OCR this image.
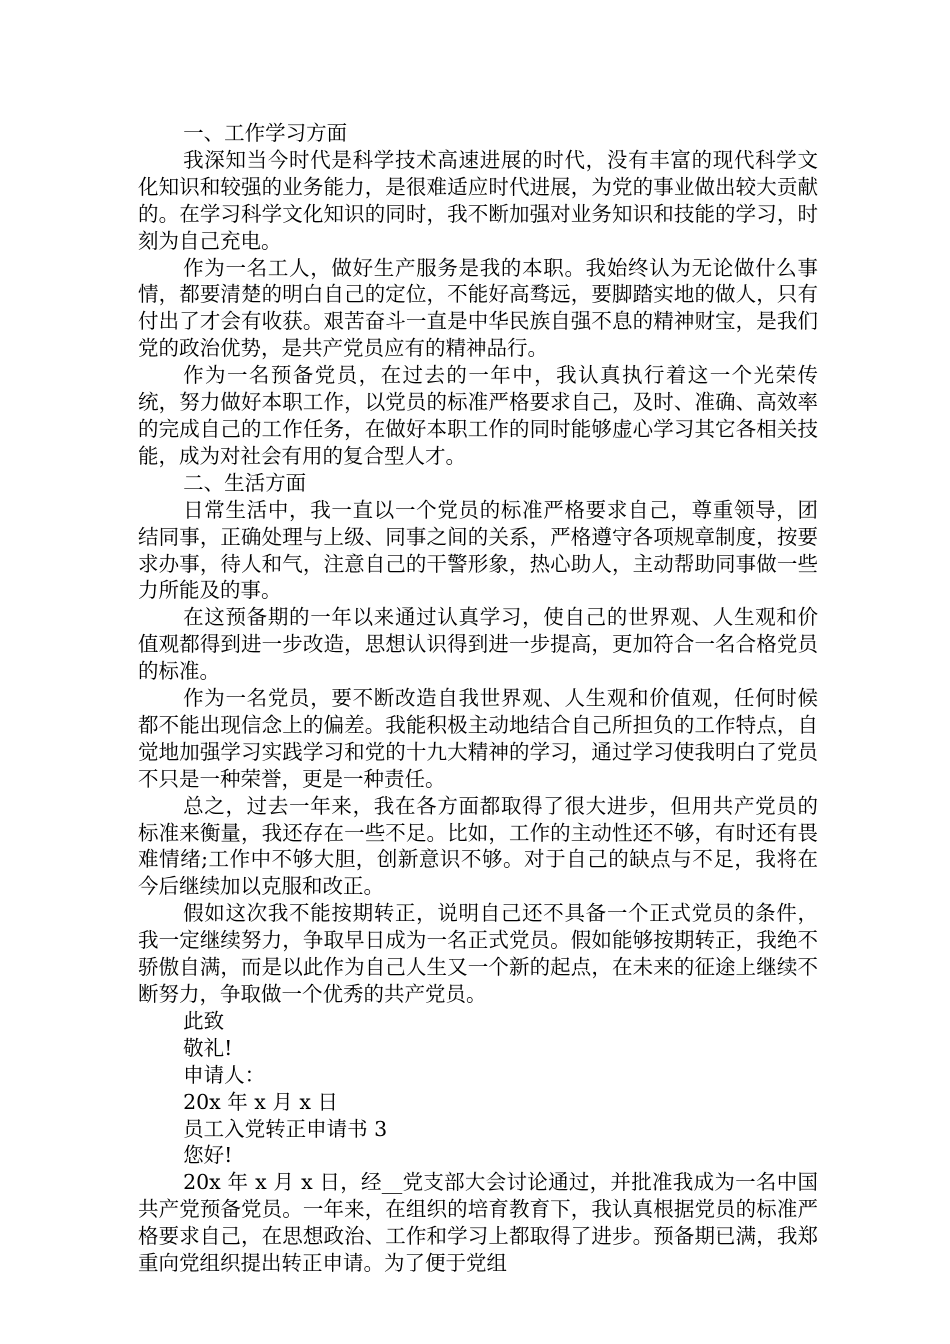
一、工作学习方面

我深知当今时代是科学技术高速进展的时代，没有丰富的现代科学文化知识和较强的业务能力，是很难适应时代进展，为党的事业做出较大贡献的。在学习科学文化知识的同时，我不断加强对业务知识和技能的学习，时刻为自己充电。

作为一名工人，做好生产服务是我的本职。我始终认为无论做什么事情，都要清楚的明白自己的定位，不能好高骛远，要脚踏实地的做人，只有付出了才会有收获。艰苦奋斗一直是中华民族自强不息的精神财宝，是我们党的政治优势，是共产党员应有的精神品行。

作为一名预备党员，在过去的一年中，我认真执行着这一个光荣传统，努力做好本职工作，以党员的标准严格要求自己，及时、准确、高效率的完成自己的工作任务，在做好本职工作的同时能够虚心学习其它各相关技能，成为对社会有用的复合型人才。

二、生活方面

日常生活中，我一直以一个党员的标准严格要求自己，尊重领导，团结同事，正确处理与上级、同事之间的关系，严格遵守各项规章制度，按要求办事，待人和气，注意自己的干警形象，热心助人，主动帮助同事做一些力所能及的事。

在这预备期的一年以来通过认真学习，使自己的世界观、人生观和价值观都得到进一步改造，思想认识得到进一步提高，更加符合一名合格党员的标准。

作为一名党员，要不断改造自我世界观、人生观和价值观，任何时候都不能出现信念上的偏差。我能积极主动地结合自己所担负的工作特点，自觉地加强学习实践学习和党的十九大精神的学习，通过学习使我明白了党员不只是一种荣誉，更是一种责任。

总之，过去一年来，我在各方面都取得了很大进步，但用共产党员的标准来衡量，我还存在一些不足。比如，工作的主动性还不够，有时还有畏难情绪;工作中不够大胆，创新意识不够。对于自己的缺点与不足，我将在今后继续加以克服和改正。

假如这次我不能按期转正，说明自己还不具备一个正式党员的条件，我一定继续努力，争取早日成为一名正式党员。假如能够按期转正，我绝不骄傲自满，而是以此作为自己人生又一个新的起点，在未来的征途上继续不断努力，争取做一个优秀的共产党员。

此致

敬礼!

申请人：

20x 年 x 月 x 日

员工入党转正申请书 3

您好!

20x 年 x 月 x 日，经__党支部大会讨论通过，并批准我成为一名中国共产党预备党员。一年来，在组织的培育教育下，我认真根据党员的标准严格要求自己，在思想政治、工作和学习上都取得了进步。预备期已满，我郑重向党组织提出转正申请。为了便于党组
